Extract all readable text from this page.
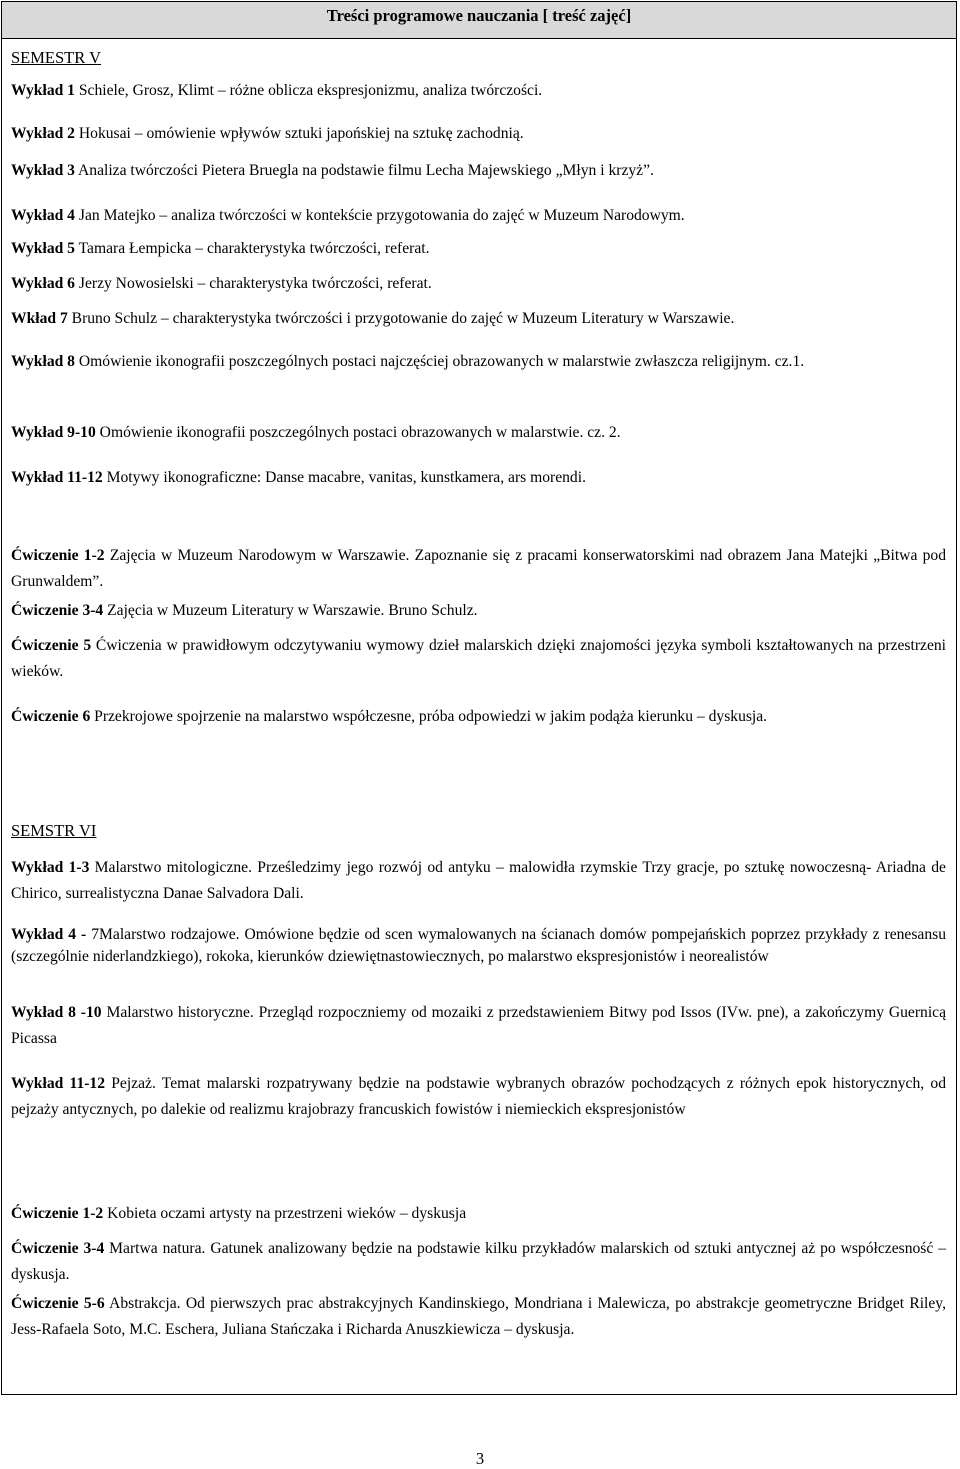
Treści programowe nauczania [ treść zajęć]
SEMESTR V

Wykład 1 Schiele, Grosz, Klimt – różne oblicza ekspresjonizmu, analiza twórczości.

Wykład 2 Hokusai – omówienie wpływów sztuki japońskiej na sztukę zachodnią.

Wykład 3 Analiza twórczości Pietera Bruegla na podstawie filmu Lecha Majewskiego „Młyn i krzyż”.

Wykład 4 Jan Matejko – analiza twórczości w kontekście przygotowania do zajęć w Muzeum Narodowym.

Wykład 5 Tamara Łempicka – charakterystyka twórczości, referat.

Wykład 6 Jerzy Nowosielski – charakterystyka twórczości, referat.

Wkład 7 Bruno Schulz – charakterystyka twórczości i przygotowanie do zajęć w Muzeum Literatury w Warszawie.

Wykład 8 Omówienie ikonografii poszczególnych postaci najczęściej obrazowanych w malarstwie zwłaszcza religijnym. cz.1.

Wykład 9-10 Omówienie ikonografii poszczególnych postaci obrazowanych w malarstwie. cz. 2.

Wykład 11-12 Motywy ikonograficzne: Danse macabre, vanitas, kunstkamera, ars morendi.

Ćwiczenie 1-2 Zajęcia w Muzeum Narodowym w Warszawie. Zapoznanie się z pracami konserwatorskimi nad obrazem Jana Matejki „Bitwa pod Grunwaldem”.

Ćwiczenie 3-4 Zajęcia w Muzeum Literatury w Warszawie. Bruno Schulz.

Ćwiczenie 5 Ćwiczenia w prawidłowym odczytywaniu wymowy dzieł malarskich dzięki znajomości języka symboli kształtowanych na przestrzeni wieków.

Ćwiczenie 6 Przekrojowe spojrzenie na malarstwo współczesne, próba odpowiedzi w jakim podąża kierunku – dyskusja.

SEMSTR VI

Wykład 1-3 Malarstwo mitologiczne. Prześledzimy jego rozwój od antyku – malowidła rzymskie Trzy gracje, po sztukę nowoczesną- Ariadna de Chirico, surrealistyczna Danae Salvadora Dali.

Wykład 4 - 7Malarstwo rodzajowe. Omówione będzie od scen wymalowanych na ścianach domów pompejańskich poprzez przykłady z renesansu (szczególnie niderlandzkiego), rokoka, kierunków dziewiętnastowiecznych, po malarstwo ekspresjonistów i neorealistów

Wykład 8 -10 Malarstwo historyczne. Przegląd rozpoczniemy od mozaiki z przedstawieniem Bitwy pod Issos (IVw. pne), a zakończymy Guernicą Picassa

Wykład 11-12 Pejzaż. Temat malarski rozpatrywany będzie na podstawie wybranych obrazów pochodzących z różnych epok historycznych, od pejzaży antycznych, po dalekie od realizmu krajobrazy francuskich fowistów i niemieckich ekspresjonistów

Ćwiczenie 1-2 Kobieta oczami artysty na przestrzeni wieków – dyskusja

Ćwiczenie 3-4 Martwa natura. Gatunek analizowany będzie na podstawie kilku przykładów malarskich od sztuki antycznej aż po współczesność – dyskusja.

Ćwiczenie 5-6 Abstrakcja. Od pierwszych prac abstrakcyjnych Kandinskiego, Mondriana i Malewicza, po abstrakcje geometryczne Bridget Riley, Jess-Rafaela Soto, M.C. Eschera, Juliana Stańczaka i Richarda Anuszkiewicza – dyskusja.

3
